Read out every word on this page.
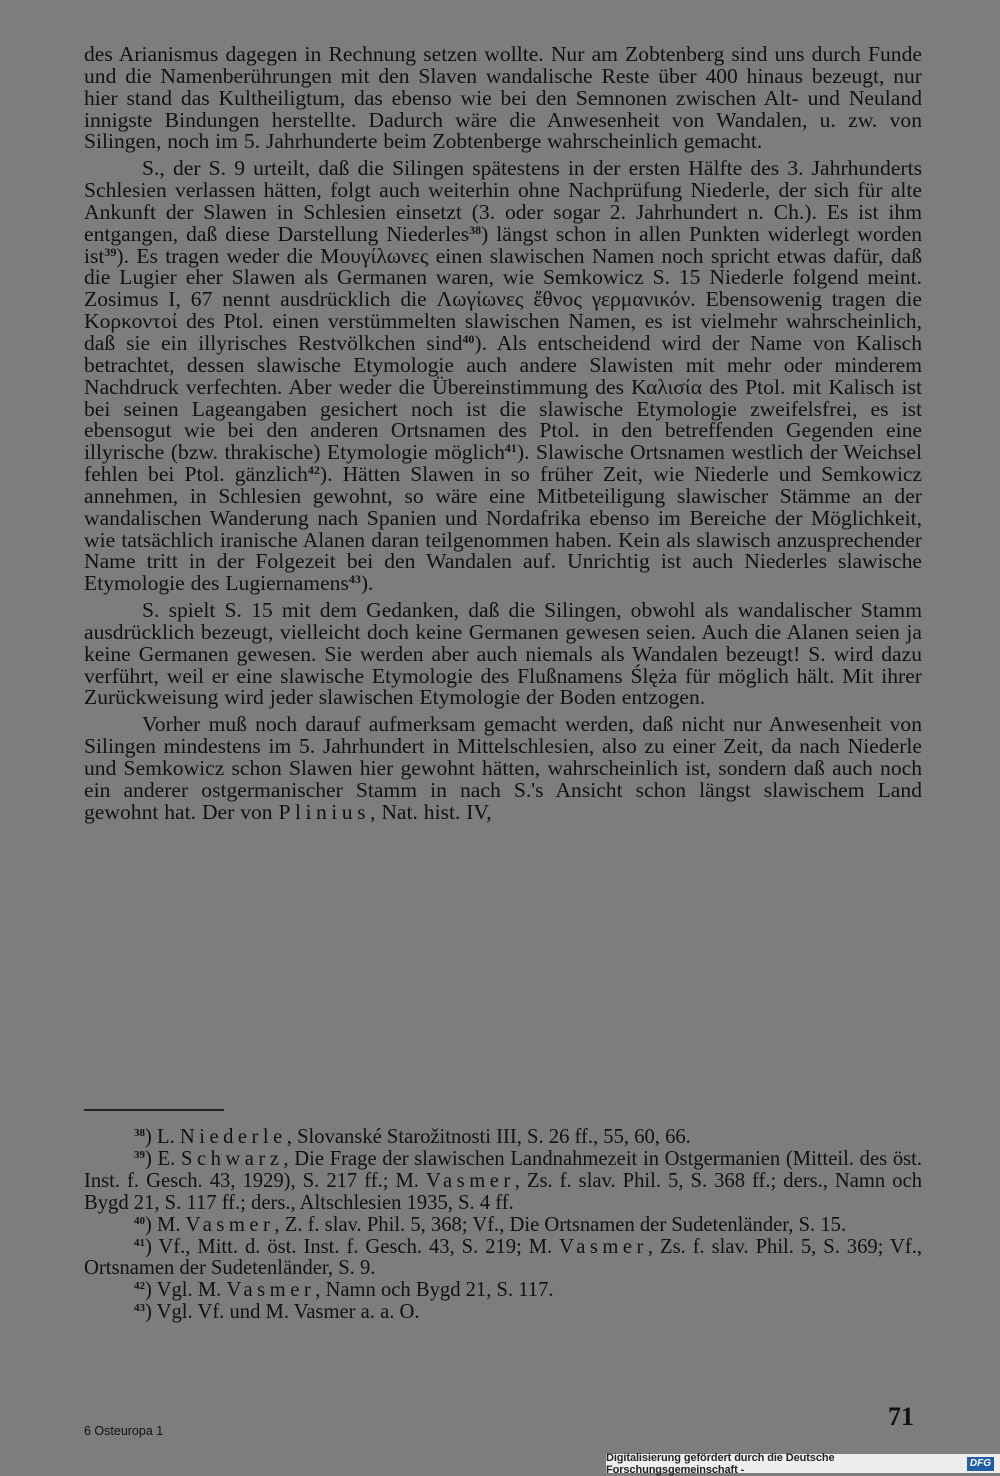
des Arianismus dagegen in Rechnung setzen wollte. Nur am Zobtenberg sind uns durch Funde und die Namenberührungen mit den Slaven wandalische Reste über 400 hinaus bezeugt, nur hier stand das Kultheiligtum, das ebenso wie bei den Semnonen zwischen Alt- und Neuland innigste Bindungen herstellte. Dadurch wäre die Anwesenheit von Wandalen, u. zw. von Silingen, noch im 5. Jahrhunderte beim Zobtenberge wahrscheinlich gemacht.

S., der S. 9 urteilt, daß die Silingen spätestens in der ersten Hälfte des 3. Jahrhunderts Schlesien verlassen hätten, folgt auch weiterhin ohne Nachprüfung Niederle, der sich für alte Ankunft der Slawen in Schlesien einsetzt (3. oder sogar 2. Jahrhundert n. Ch.). Es ist ihm entgangen, daß diese Darstellung Niederles$^{38}$) längst schon in allen Punkten widerlegt worden ist$^{39}$). Es tragen weder die Μουγίλωνες einen slawischen Namen noch spricht etwas dafür, daß die Lugier eher Slawen als Germanen waren, wie Semkowicz S. 15 Niederle folgend meint. Zosimus I, 67 nennt ausdrücklich die Λωγίωνες ἔθνος γερμανικόν. Ebensowenig tragen die Κορκοντοί des Ptol. einen verstümmelten slawischen Namen, es ist vielmehr wahrscheinlich, daß sie ein illyrisches Restvölkchen sind$^{40}$). Als entscheidend wird der Name von Kalisch betrachtet, dessen slawische Etymologie auch andere Slawisten mit mehr oder minderem Nachdruck verfechten. Aber weder die Übereinstimmung des Καλισία des Ptol. mit Kalisch ist bei seinen Lageangaben gesichert noch ist die slawische Etymologie zweifelsfrei, es ist ebensogut wie bei den anderen Ortsnamen des Ptol. in den betreffenden Gegenden eine illyrische (bzw. thrakische) Etymologie möglich$^{41}$). Slawische Ortsnamen westlich der Weichsel fehlen bei Ptol. gänzlich$^{42}$). Hätten Slawen in so früher Zeit, wie Niederle und Semkowicz annehmen, in Schlesien gewohnt, so wäre eine Mitbeteiligung slawischer Stämme an der wandalischen Wanderung nach Spanien und Nordafrika ebenso im Bereiche der Möglichkeit, wie tatsächlich iranische Alanen daran teilgenommen haben. Kein als slawisch anzusprechender Name tritt in der Folgezeit bei den Wandalen auf. Unrichtig ist auch Niederles slawische Etymologie des Lugiernamens$^{43}$).

S. spielt S. 15 mit dem Gedanken, daß die Silingen, obwohl als wandalischer Stamm ausdrücklich bezeugt, vielleicht doch keine Germanen gewesen seien. Auch die Alanen seien ja keine Germanen gewesen. Sie werden aber auch niemals als Wandalen bezeugt! S. wird dazu verführt, weil er eine slawische Etymologie des Flußnamens Ślęża für möglich hält. Mit ihrer Zurückweisung wird jeder slawischen Etymologie der Boden entzogen.

Vorher muß noch darauf aufmerksam gemacht werden, daß nicht nur Anwesenheit von Silingen mindestens im 5. Jahrhundert in Mittelschlesien, also zu einer Zeit, da nach Niederle und Semkowicz schon Slawen hier gewohnt hätten, wahrscheinlich ist, sondern daß auch noch ein anderer ostgermanischer Stamm in nach S.'s Ansicht schon längst slawischem Land gewohnt hat. Der von Plinius, Nat. hist. IV,

$^{38}$) L. Niederle, Slovanské Starožitnosti III, S. 26 ff., 55, 60, 66.

$^{39}$) E. Schwarz, Die Frage der slawischen Landnahmezeit in Ostgermanien (Mitteil. des öst. Inst. f. Gesch. 43, 1929), S. 217 ff.; M. Vasmer, Zs. f. slav. Phil. 5, S. 368 ff.; ders., Namn och Bygd 21, S. 117 ff.; ders., Altschlesien 1935, S. 4 ff.

$^{40}$) M. Vasmer, Z. f. slav. Phil. 5, 368; Vf., Die Ortsnamen der Sudetenländer, S. 15.

$^{41}$) Vf., Mitt. d. öst. Inst. f. Gesch. 43, S. 219; M. Vasmer, Zs. f. slav. Phil. 5, S. 369; Vf., Ortsnamen der Sudetenländer, S. 9.

$^{42}$) Vgl. M. Vasmer, Namn och Bygd 21, S. 117.

$^{43}$) Vgl. Vf. und M. Vasmer a. a. O.

71
6 Osteuropa 1
Digitalisierung gefördert durch die Deutsche Forschungsgemeinschaft -
DFG
